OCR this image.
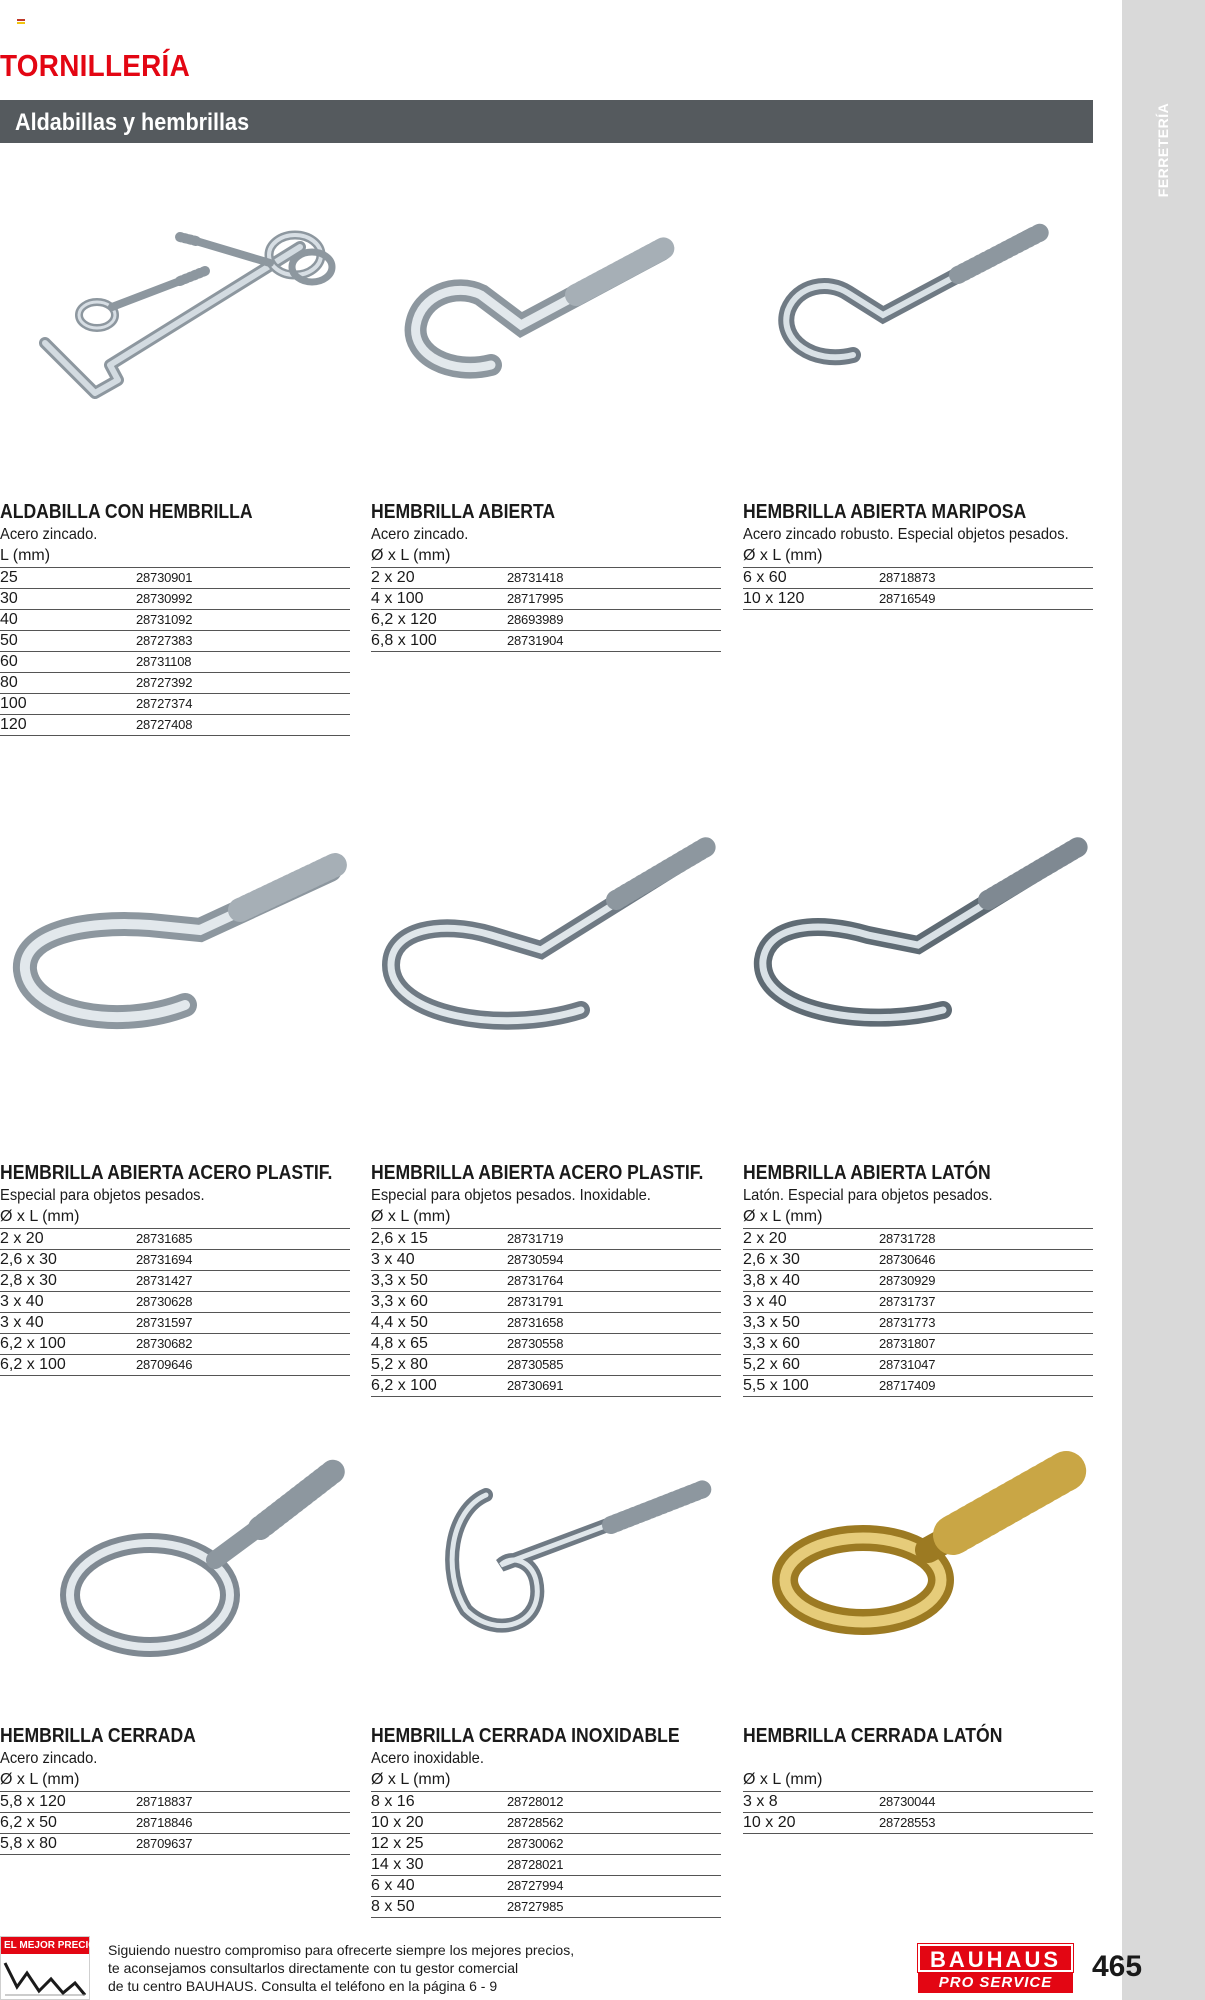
TORNILLERÍA
Aldabillas y hembrillas	FERRETERÍA
ALDABILLA CON HEMBRILLA
Acero zincado.
L (mm)
25	28730901
30	28730992
40	28731092
50	28727383
60	28731108
80	28727392
100	28727374
120	28727408
HEMBRILLA ABIERTA
Acero zincado.
Ø x L (mm)
2 x 20	28731418
4 x 100	28717995
6,2 x 120	28693989
6,8 x 100	28731904
HEMBRILLA ABIERTA MARIPOSA
Acero zincado robusto. Especial objetos pesados.
Ø x L (mm)
6 x 60	28718873
10 x 120	28716549
HEMBRILLA ABIERTA ACERO PLASTIF.
Especial para objetos pesados.
Ø x L (mm)
2 x 20	28731685
2,6 x 30	28731694
2,8 x 30	28731427
3 x 40	28730628
3 x 40	28731597
6,2 x 100	28730682
6,2 x 100	28709646
HEMBRILLA ABIERTA ACERO PLASTIF.
Especial para objetos pesados. Inoxidable.
Ø x L (mm)
2,6 x 15	28731719
3 x 40	28730594
3,3 x 50	28731764
3,3 x 60	28731791
4,4 x 50	28731658
4,8 x 65	28730558
5,2 x 80	28730585
6,2 x 100	28730691
HEMBRILLA ABIERTA LATÓN
Latón. Especial para objetos pesados.
Ø x L (mm)
2 x 20	28731728
2,6 x 30	28730646
3,8 x 40	28730929
3 x 40	28731737
3,3 x 50	28731773
3,3 x 60	28731807
5,2 x 60	28731047
5,5 x 100	28717409
HEMBRILLA CERRADA
Acero zincado.
Ø x L (mm)
5,8 x 120	28718837
6,2 x 50	28718846
5,8 x 80	28709637
HEMBRILLA CERRADA INOXIDABLE
Acero inoxidable.
Ø x L (mm)
8 x 16	28728012
10 x 20	28728562
12 x 25	28730062
14 x 30	28728021
6 x 40	28727994
8 x 50	28727985
HEMBRILLA CERRADA LATÓN
Ø x L (mm)
3 x 8	28730044
10 x 20	28728553
EL MEJOR PRECIO Siguiendo nuestro compromiso para ofrecerte siempre los mejores precios,
te aconsejamos consultarlos directamente con tu gestor comercial
de tu centro BAUHAUS. Consulta el teléfono en la página 6 - 9
BAUHAUS
PRO SERVICE	465
